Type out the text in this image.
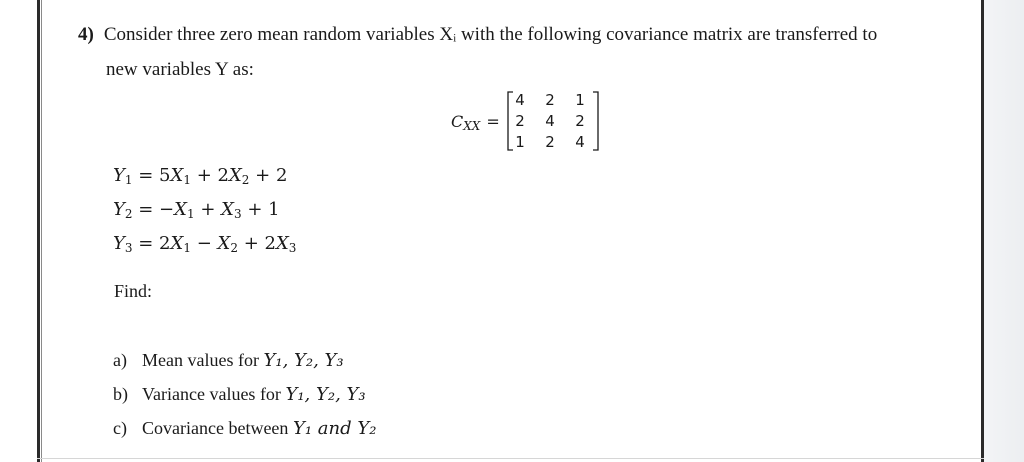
4) Consider three zero mean random variables Xᵢ with the following covariance matrix are transferred to
new variables Y as:
$C_{XX}$ =
4	2	1
2	4	2
1	2	4
$Y_1 = 5X_1 + 2X_2 + 2$
$Y_2 = -X_1 + X_3 + 1$
$Y_3 = 2X_1 - X_2 + 2X_3$
Find:
a) Mean values for Y₁, Y₂, Y₃
b) Variance values for Y₁, Y₂, Y₃
c) Covariance between Y₁ and Y₂
